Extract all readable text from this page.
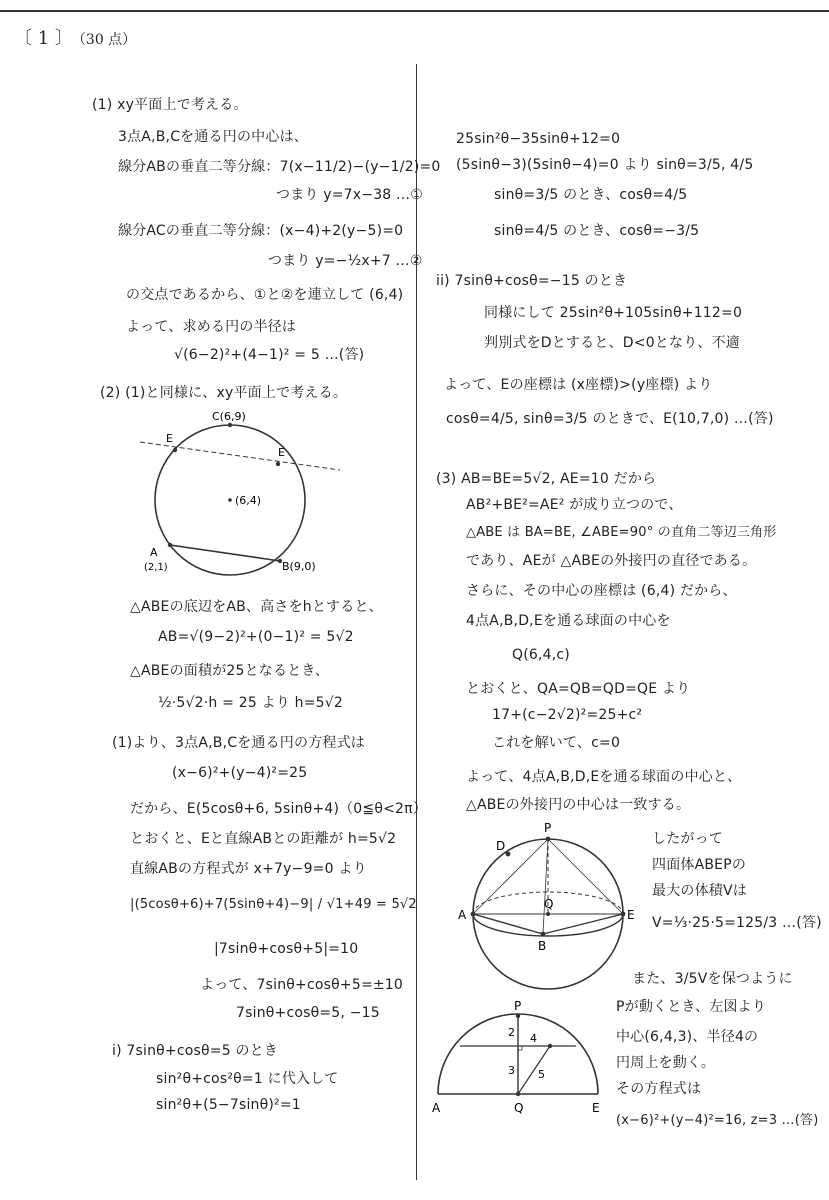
〔 1 〕 （30 点）
(1) xy平面上で考える。
3点A,B,Cを通る円の中心は、
線分ABの垂直二等分線：7(x−11/2)−(y−1/2)=0
つまり y=7x−38 …①
線分ACの垂直二等分線：(x−4)+2(y−5)=0
つまり y=−½x+7 …②
の交点であるから、①と②を連立して (6,4)
よって、求める円の半径は
√(6−2)²+(4−1)² = 5 …(答)
(2) (1)と同様に、xy平面上で考える。
△ABEの底辺をAB、高さをhとすると、
AB=√(9−2)²+(0−1)² = 5√2
△ABEの面積が25となるとき、
½·5√2·h = 25 より h=5√2
(1)より、3点A,B,Cを通る円の方程式は
(x−6)²+(y−4)²=25
だから、E(5cosθ+6, 5sinθ+4)（0≦θ<2π）
とおくと、Eと直線ABとの距離が h=5√2
直線ABの方程式が x+7y−9=0 より
|(5cosθ+6)+7(5sinθ+4)−9| / √1+49 = 5√2
|7sinθ+cosθ+5|=10
よって、7sinθ+cosθ+5=±10
7sinθ+cosθ=5, −15
i) 7sinθ+cosθ=5 のとき
sin²θ+cos²θ=1 に代入して
sin²θ+(5−7sinθ)²=1
25sin²θ−35sinθ+12=0
(5sinθ−3)(5sinθ−4)=0 より sinθ=3/5, 4/5
sinθ=3/5 のとき、cosθ=4/5
sinθ=4/5 のとき、cosθ=−3/5
ii) 7sinθ+cosθ=−15 のとき
同様にして 25sin²θ+105sinθ+112=0
判別式をDとすると、D<0となり、不適
よって、Eの座標は (x座標)>(y座標) より
cosθ=4/5, sinθ=3/5 のときで、E(10,7,0) …(答)
(3) AB=BE=5√2, AE=10 だから
AB²+BE²=AE² が成り立つので、
△ABE は BA=BE, ∠ABE=90° の直角二等辺三角形
であり、AEが △ABEの外接円の直径である。
さらに、その中心の座標は (6,4) だから、
4点A,B,D,Eを通る球面の中心を
Q(6,4,c)
とおくと、QA=QB=QD=QE より
17+(c−2√2)²=25+c²
これを解いて、c=0
よって、4点A,B,D,Eを通る球面の中心と、
△ABEの外接円の中心は一致する。
したがって
四面体ABEPの
最大の体積Vは
V=⅓·25·5=125/3 …(答)
また、3/5Vを保つように
Pが動くとき、左図より
中心(6,4,3)、半径4の
円周上を動く。
その方程式は
(x−6)²+(y−4)²=16, z=3 …(答)
C(6,9)
E
E
(6,4)
A
(2,1)	B(9,0)
P
D
A	E
Q
B
P
A	Q	E
2 4
3 5
